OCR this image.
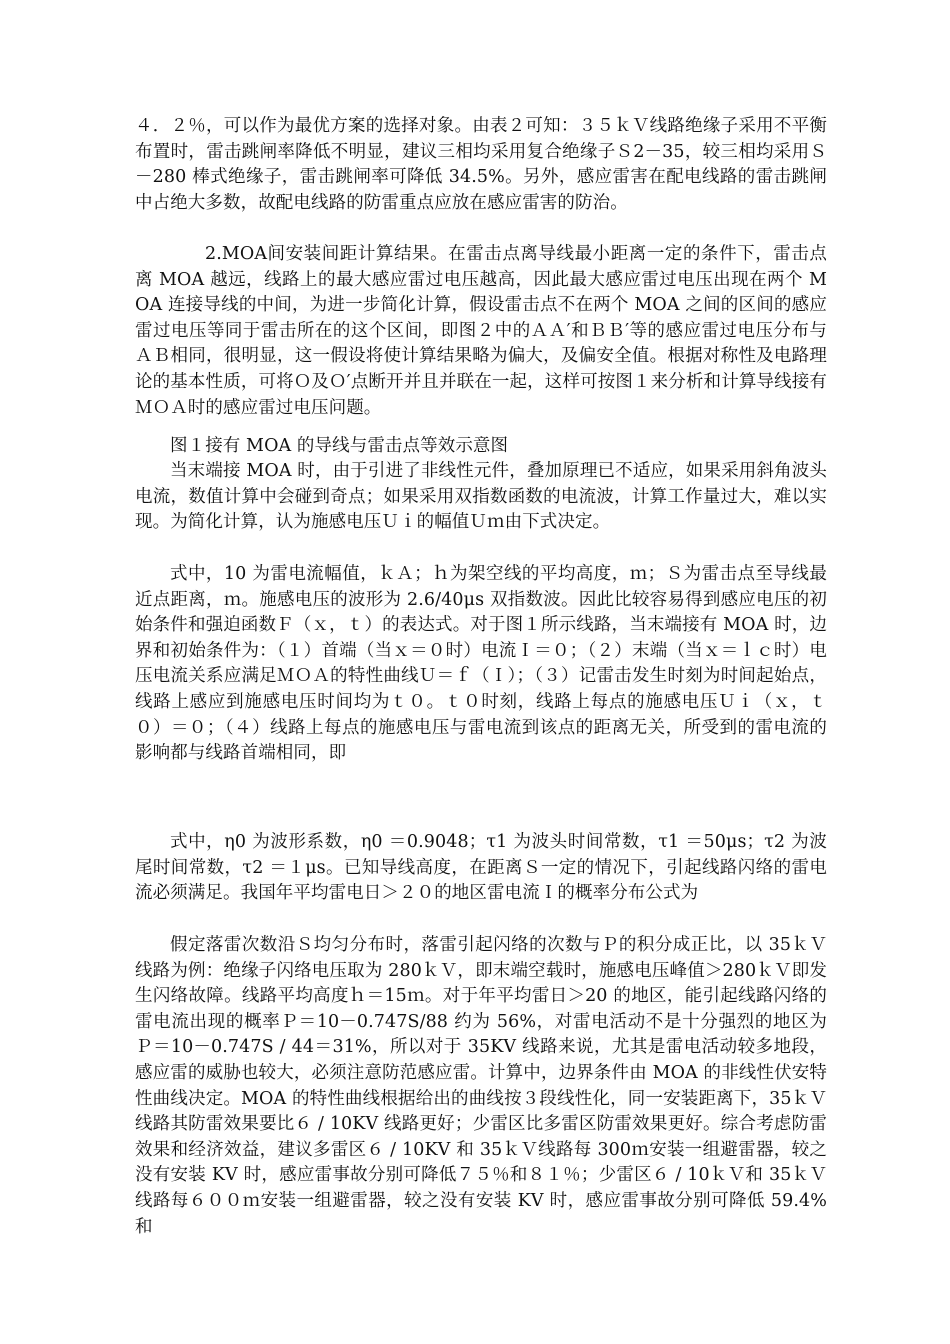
４．２％，可以作为最优方案的选择对象。由表２可知：３５ｋＶ线路绝缘子采用不平衡布置时，雷击跳闸率降低不明显，建议三相均采用复合绝缘子Ｓ2－35，较三相均采用Ｓ－280 棒式绝缘子，雷击跳闸率可降低 34.5%。另外，感应雷害在配电线路的雷击跳闸中占绝大多数，故配电线路的防雷重点应放在感应雷害的防治。

2.MOA间安装间距计算结果。在雷击点离导线最小距离一定的条件下，雷击点离 MOA 越远，线路上的最大感应雷过电压越高，因此最大感应雷过电压出现在两个 MOA 连接导线的中间，为进一步简化计算，假设雷击点不在两个 MOA 之间的区间的感应雷过电压等同于雷击所在的这个区间，即图２中的ＡＡ′和ＢＢ′等的感应雷过电压分布与ＡＢ相同，很明显，这一假设将使计算结果略为偏大，及偏安全值。根据对称性及电路理论的基本性质，可将Ｏ及Ｏ′点断开并且并联在一起，这样可按图１来分析和计算导线接有ＭＯＡ时的感应雷过电压问题。

图１接有 MOA 的导线与雷击点等效示意图

当末端接 MOA 时，由于引进了非线性元件，叠加原理已不适应，如果采用斜角波头电流，数值计算中会碰到奇点；如果采用双指数函数的电流波，计算工作量过大，难以实现。为简化计算，认为施感电压Ｕｉ的幅值Ｕｍ由下式决定。

式中，10 为雷电流幅值，ｋＡ；ｈ为架空线的平均高度，ｍ；Ｓ为雷击点至导线最近点距离，ｍ。施感电压的波形为 2.6/40μs 双指数波。因此比较容易得到感应电压的初始条件和强迫函数Ｆ（ｘ，ｔ）的表达式。对于图１所示线路，当末端接有 MOA 时，边界和初始条件为：（１）首端（当ｘ＝０时）电流Ｉ＝０；（２）末端（当ｘ＝ｌｃ时）电压电流关系应满足ＭＯＡ的特性曲线Ｕ＝ｆ（Ｉ）；（３）记雷击发生时刻为时间起始点，线路上感应到施感电压时间均为ｔ０。ｔ０时刻，线路上每点的施感电压Ｕｉ（ｘ，ｔ０）＝０；（４）线路上每点的施感电压与雷电流到该点的距离无关，所受到的雷电流的影响都与线路首端相同，即

式中，η0 为波形系数，η0 ＝0.9048；τ1 为波头时间常数，τ1 ＝50μs；τ2 为波尾时间常数，τ2 ＝１μs。已知导线高度，在距离Ｓ一定的情况下，引起线路闪络的雷电流必须满足。我国年平均雷电日＞２０的地区雷电流Ｉ的概率分布公式为

假定落雷次数沿Ｓ均匀分布时，落雷引起闪络的次数与Ｐ的积分成正比，以 35ｋＶ线路为例：绝缘子闪络电压取为 280ｋＶ，即末端空载时，施感电压峰值＞280ｋＶ即发生闪络故障。线路平均高度ｈ＝15ｍ。对于年平均雷日＞20 的地区，能引起线路闪络的雷电流出现的概率Ｐ＝10－0.747S/88 约为 56%，对雷电活动不是十分强烈的地区为Ｐ＝10－0.747S / 44＝31%，所以对于 35KV 线路来说，尤其是雷电活动较多地段，感应雷的威胁也较大，必须注意防范感应雷。计算中，边界条件由 MOA 的非线性伏安特性曲线决定。MOA 的特性曲线根据给出的曲线按３段线性化，同一安装距离下，35ｋＶ线路其防雷效果要比６ / 10KV 线路更好；少雷区比多雷区防雷效果更好。综合考虑防雷效果和经济效益，建议多雷区６ / 10KV 和 35ｋＶ线路每 300ｍ安装一组避雷器，较之没有安装 KV 时，感应雷事故分别可降低７５％和８１％；少雷区６ / 10ｋＶ和 35ｋＶ线路每６００ｍ安装一组避雷器，较之没有安装 KV 时，感应雷事故分别可降低 59.4%和
